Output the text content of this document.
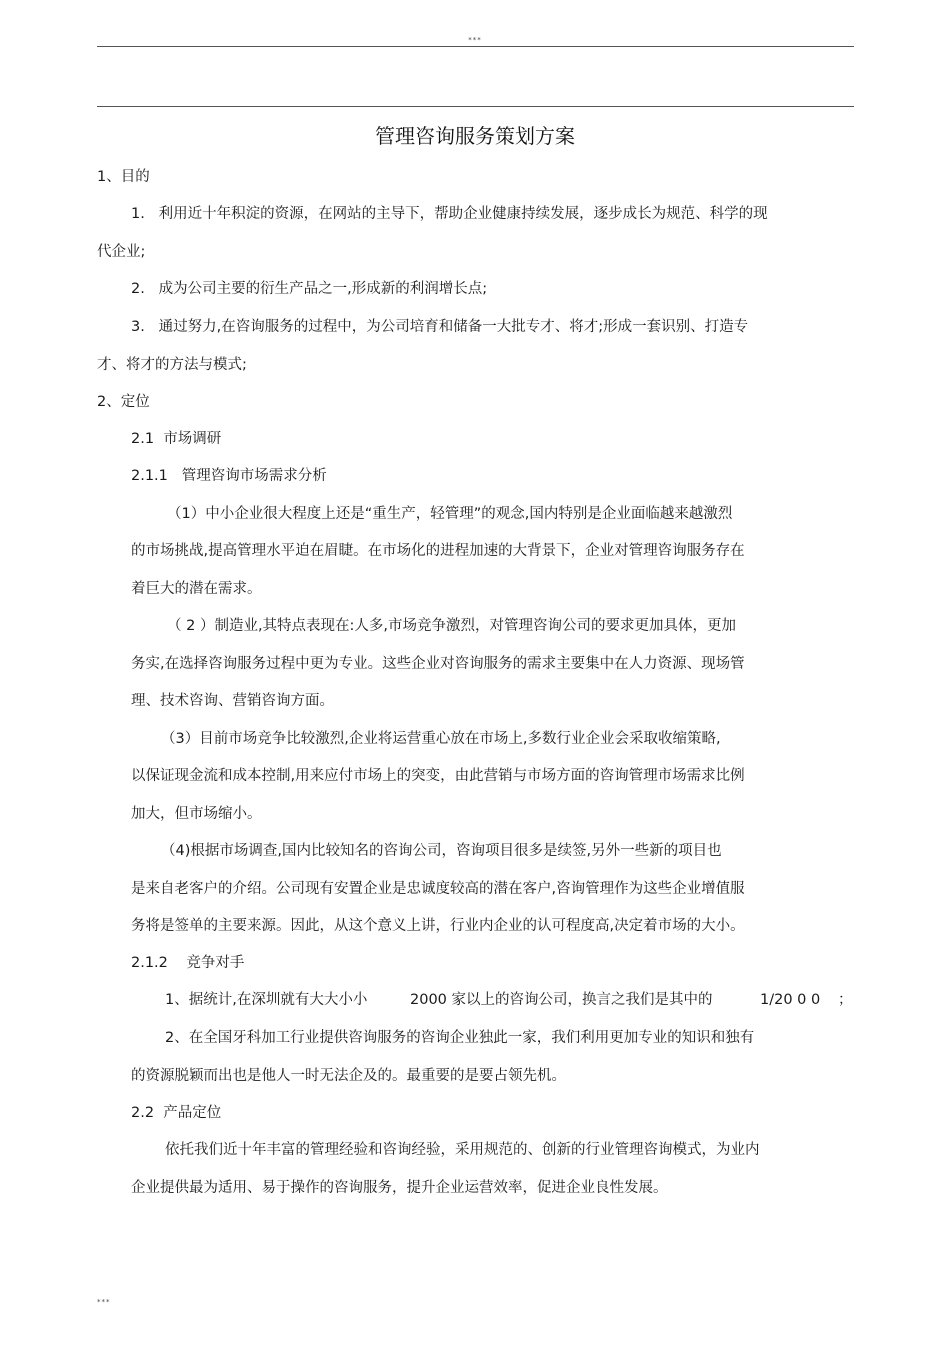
***
管理咨询服务策划方案
1、目的
1.   利用近十年积淀的资源，在网站的主导下，帮助企业健康持续发展，逐步成长为规范、科学的现
代企业;
2.   成为公司主要的衍生产品之一,形成新的利润增长点;
3.   通过努力,在咨询服务的过程中，为公司培育和储备一大批专才、将才;形成一套识别、打造专
才、将才的方法与模式;
2、定位
2.1  市场调研
2.1.1   管理咨询市场需求分析
（1）中小企业很大程度上还是“重生产，轻管理”的观念,国内特别是企业面临越来越激烈
的市场挑战,提高管理水平迫在眉睫。在市场化的进程加速的大背景下，企业对管理咨询服务存在
着巨大的潜在需求。
（ 2 ）制造业,其特点表现在:人多,市场竞争激烈，对管理咨询公司的要求更加具体，更加
务实,在选择咨询服务过程中更为专业。这些企业对咨询服务的需求主要集中在人力资源、现场管
理、技术咨询、营销咨询方面。
（3）目前市场竞争比较激烈,企业将运营重心放在市场上,多数行业企业会采取收缩策略,
以保证现金流和成本控制,用来应付市场上的突变，由此营销与市场方面的咨询管理市场需求比例
加大，但市场缩小。
（4)根据市场调查,国内比较知名的咨询公司，咨询项目很多是续签,另外一些新的项目也
是来自老客户的介绍。公司现有安置企业是忠诚度较高的潜在客户,咨询管理作为这些企业增值服
务将是签单的主要来源。因此，从这个意义上讲，行业内企业的认可程度高,决定着市场的大小。
2.1.2    竞争对手
1、据统计,在深圳就有大大小小	2000 家以上的咨询公司，换言之我们是其中的	1/20 0 0 ；
2、在全国牙科加工行业提供咨询服务的咨询企业独此一家，我们利用更加专业的知识和独有
的资源脱颖而出也是他人一时无法企及的。最重要的是要占领先机。
2.2  产品定位
依托我们近十年丰富的管理经验和咨询经验，采用规范的、创新的行业管理咨询模式，为业内
企业提供最为适用、易于操作的咨询服务，提升企业运营效率，促进企业良性发展。
***
